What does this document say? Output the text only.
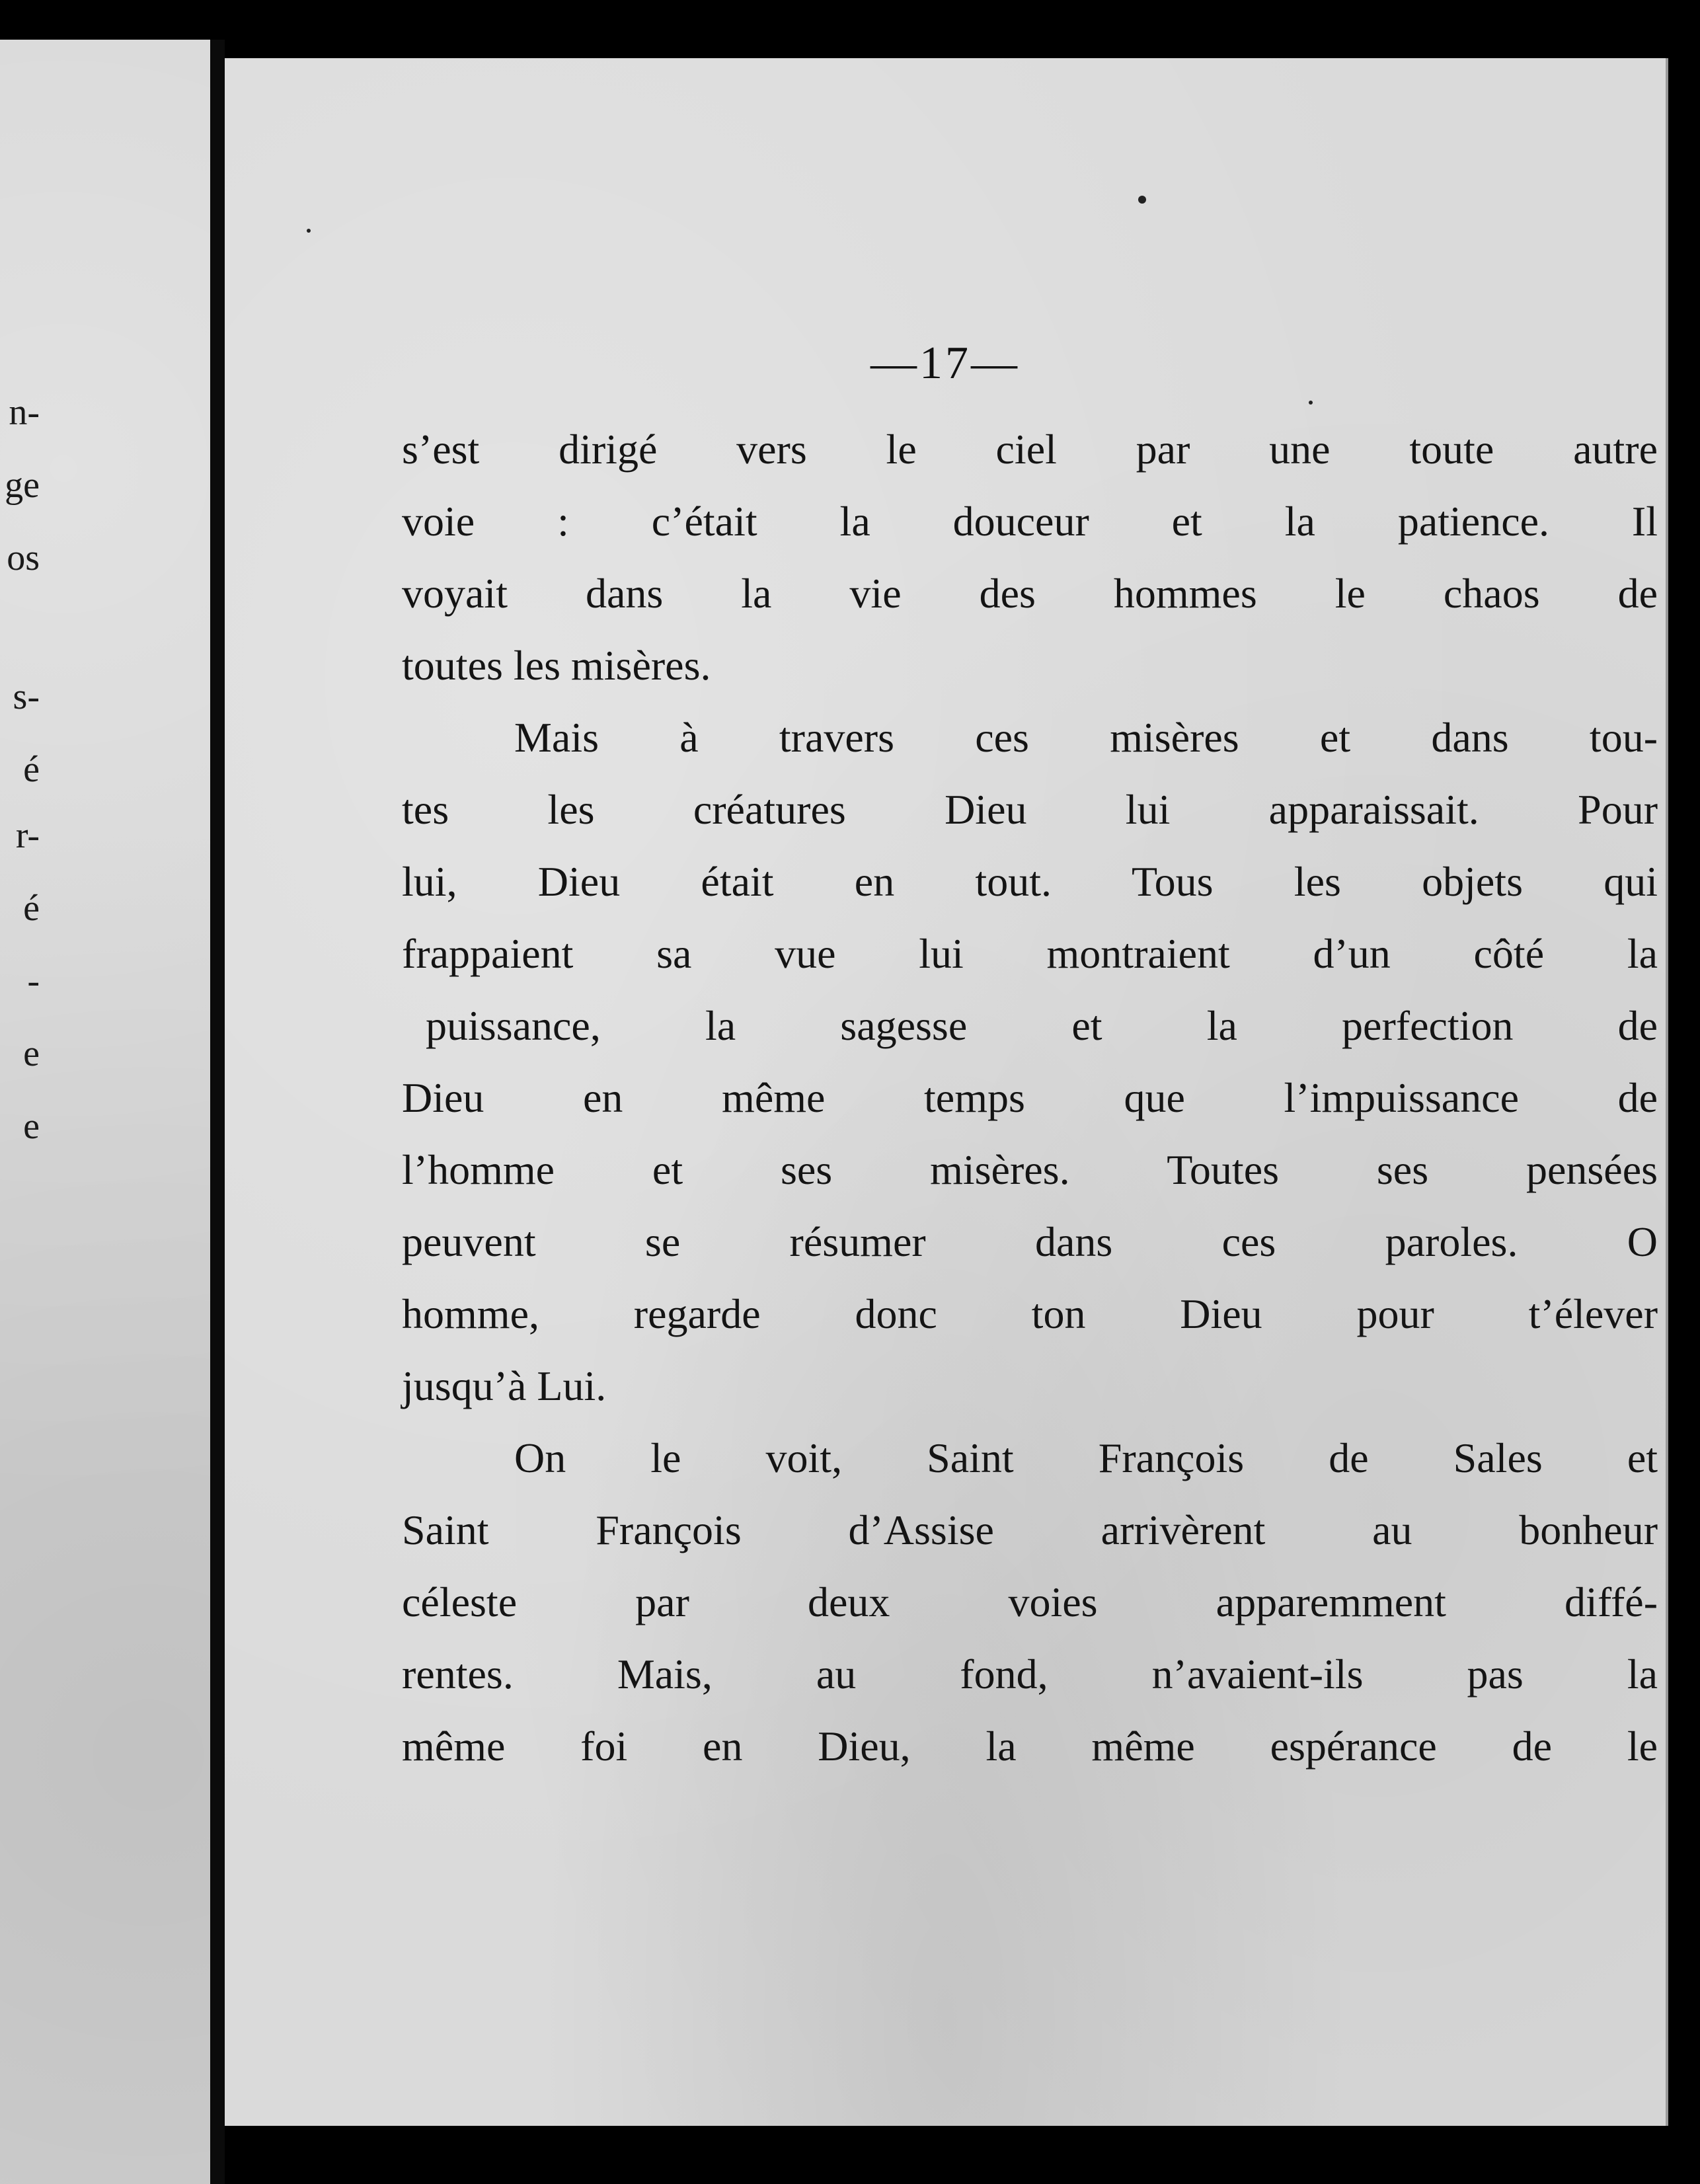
n-
ge
os
s-
é
r-
é
-
e
e
—17—
s’est dirigé vers le ciel par une toute autre
voie : c’était la douceur et la patience. Il
voyait dans la vie des hommes le chaos de
toutes les misères.
Mais à travers ces misères et dans tou-
tes les créatures Dieu lui apparaissait. Pour
lui, Dieu était en tout. Tous les objets qui
frappaient sa vue lui montraient d’un côté la
puissance, la sagesse et la perfection de
Dieu en même temps que l’impuissance de
l’homme et ses misères. Toutes ses pensées
peuvent se résumer dans ces paroles. O
homme, regarde donc ton Dieu pour t’élever
jusqu’à Lui.
On le voit, Saint François de Sales et
Saint François d’Assise arrivèrent au bonheur
céleste par deux voies apparemment diffé-
rentes. Mais, au fond, n’avaient-ils pas la
même foi en Dieu, la même espérance de le
